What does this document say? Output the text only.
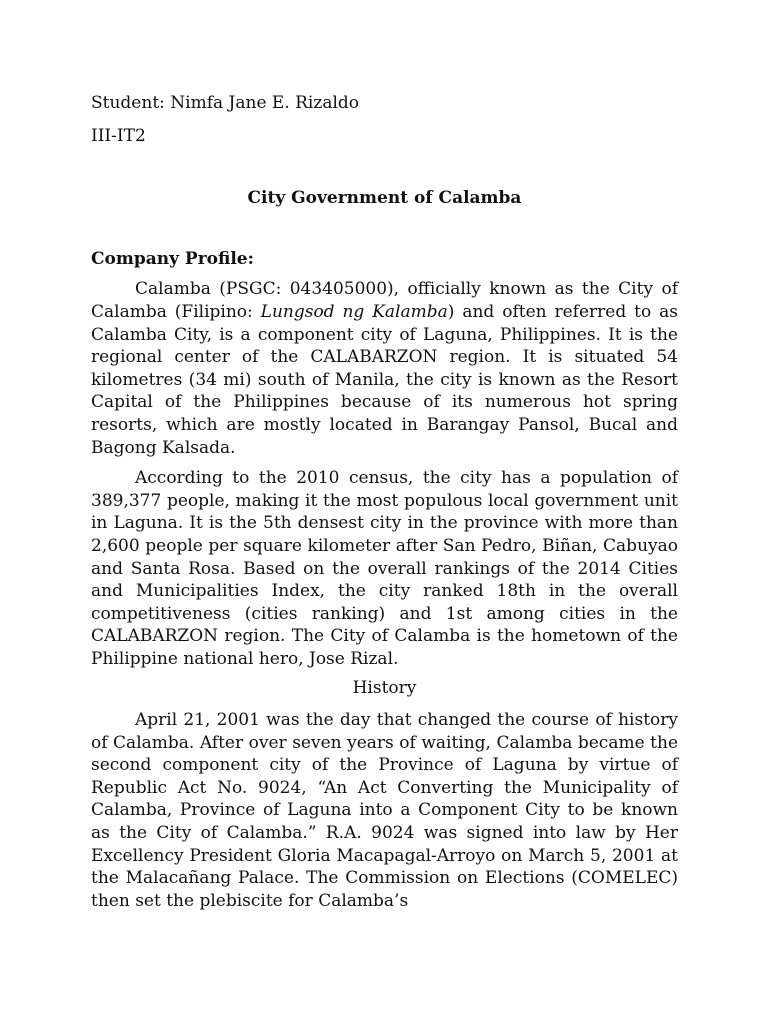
Student: Nimfa Jane E. Rizaldo

III-IT2

City Government of Calamba

Company Profile:

Calamba (PSGC: 043405000), officially known as the City of Calamba (Filipino: Lungsod ng Kalamba) and often referred to as Calamba City, is a component city of Laguna, Philippines. It is the regional center of the CALABARZON region. It is situated 54 kilometres (34 mi) south of Manila, the city is known as the Resort Capital of the Philippines because of its numerous hot spring resorts, which are mostly located in Barangay Pansol, Bucal and Bagong Kalsada.

According to the 2010 census, the city has a population of 389,377 people, making it the most populous local government unit in Laguna. It is the 5th densest city in the province with more than 2,600 people per square kilometer after San Pedro, Biñan, Cabuyao and Santa Rosa. Based on the overall rankings of the 2014 Cities and Municipalities Index, the city ranked 18th in the overall competitiveness (cities ranking) and 1st among cities in the CALABARZON region. The City of Calamba is the hometown of the Philippine national hero, Jose Rizal.

History

April 21, 2001 was the day that changed the course of history of Calamba. After over seven years of waiting, Calamba became the second component city of the Province of Laguna by virtue of Republic Act No. 9024, “An Act Converting the Municipality of Calamba, Province of Laguna into a Component City to be known as the City of Calamba.” R.A. 9024 was signed into law by Her Excellency President Gloria Macapagal-Arroyo on March 5, 2001 at the Malacañang Palace. The Commission on Elections (COMELEC) then set the plebiscite for Calamba’s
